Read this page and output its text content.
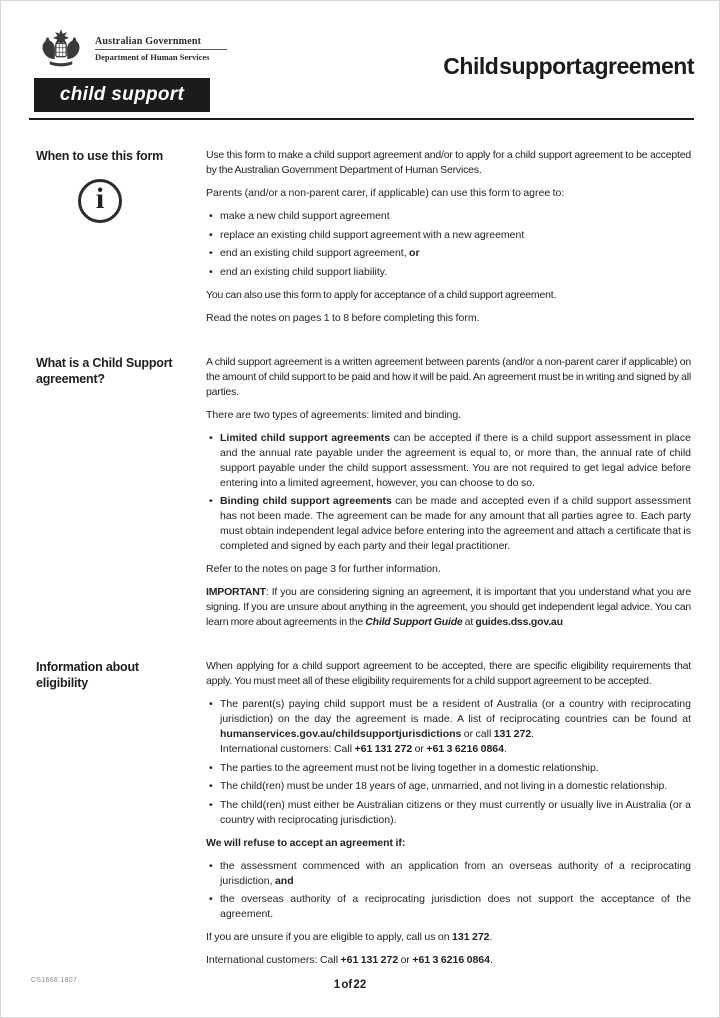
Australian Government
Department of Human Services
child support
Child support agreement
When to use this form
i

Use this form to make a child support agreement and/or to apply for a child support agreement to be accepted by the Australian Government Department of Human Services.

Parents (and/or a non-parent carer, if applicable) can use this form to agree to:

• make a new child support agreement
• replace an existing child support agreement with a new agreement
• end an existing child support agreement, or
• end an existing child support liability.

You can also use this form to apply for acceptance of a child support agreement.

Read the notes on pages 1 to 8 before completing this form.

What is a Child Support agreement?

A child support agreement is a written agreement between parents (and/or a non-parent carer if applicable) on the amount of child support to be paid and how it will be paid. An agreement must be in writing and signed by all parties.

There are two types of agreements: limited and binding.

• Limited child support agreements can be accepted if there is a child support assessment in place and the annual rate payable under the agreement is equal to, or more than, the annual rate of child support payable under the child support assessment. You are not required to get legal advice before entering into a limited agreement, however, you can choose to do so.
• Binding child support agreements can be made and accepted even if a child support assessment has not been made. The agreement can be made for any amount that all parties agree to. Each party must obtain independent legal advice before entering into the agreement and attach a certificate that is completed and signed by each party and their legal practitioner.

Refer to the notes on page 3 for further information.

IMPORTANT: If you are considering signing an agreement, it is important that you understand what you are signing. If you are unsure about anything in the agreement, you should get independent legal advice. You can learn more about agreements in the Child Support Guide at guides.dss.gov.au

Information about eligibility

When applying for a child support agreement to be accepted, there are specific eligibility requirements that apply. You must meet all of these eligibility requirements for a child support agreement to be accepted.

• The parent(s) paying child support must be a resident of Australia (or a country with reciprocating jurisdiction) on the day the agreement is made. A list of reciprocating countries can be found at humanservices.gov.au/childsupportjurisdictions or call 131 272.
International customers: Call +61 131 272 or +61 3 6216 0864.
• The parties to the agreement must not be living together in a domestic relationship.
• The child(ren) must be under 18 years of age, unmarried, and not living in a domestic relationship.
• The child(ren) must either be Australian citizens or they must currently or usually live in Australia (or a country with reciprocating jurisdiction).

We will refuse to accept an agreement if:

• the assessment commenced with an application from an overseas authority of a reciprocating jurisdiction, and
• the overseas authority of a reciprocating jurisdiction does not support the acceptance of the agreement.

If you are unsure if you are eligible to apply, call us on 131 272.

International customers: Call +61 131 272 or +61 3 6216 0864.

CS1666.1807	1 of 22
